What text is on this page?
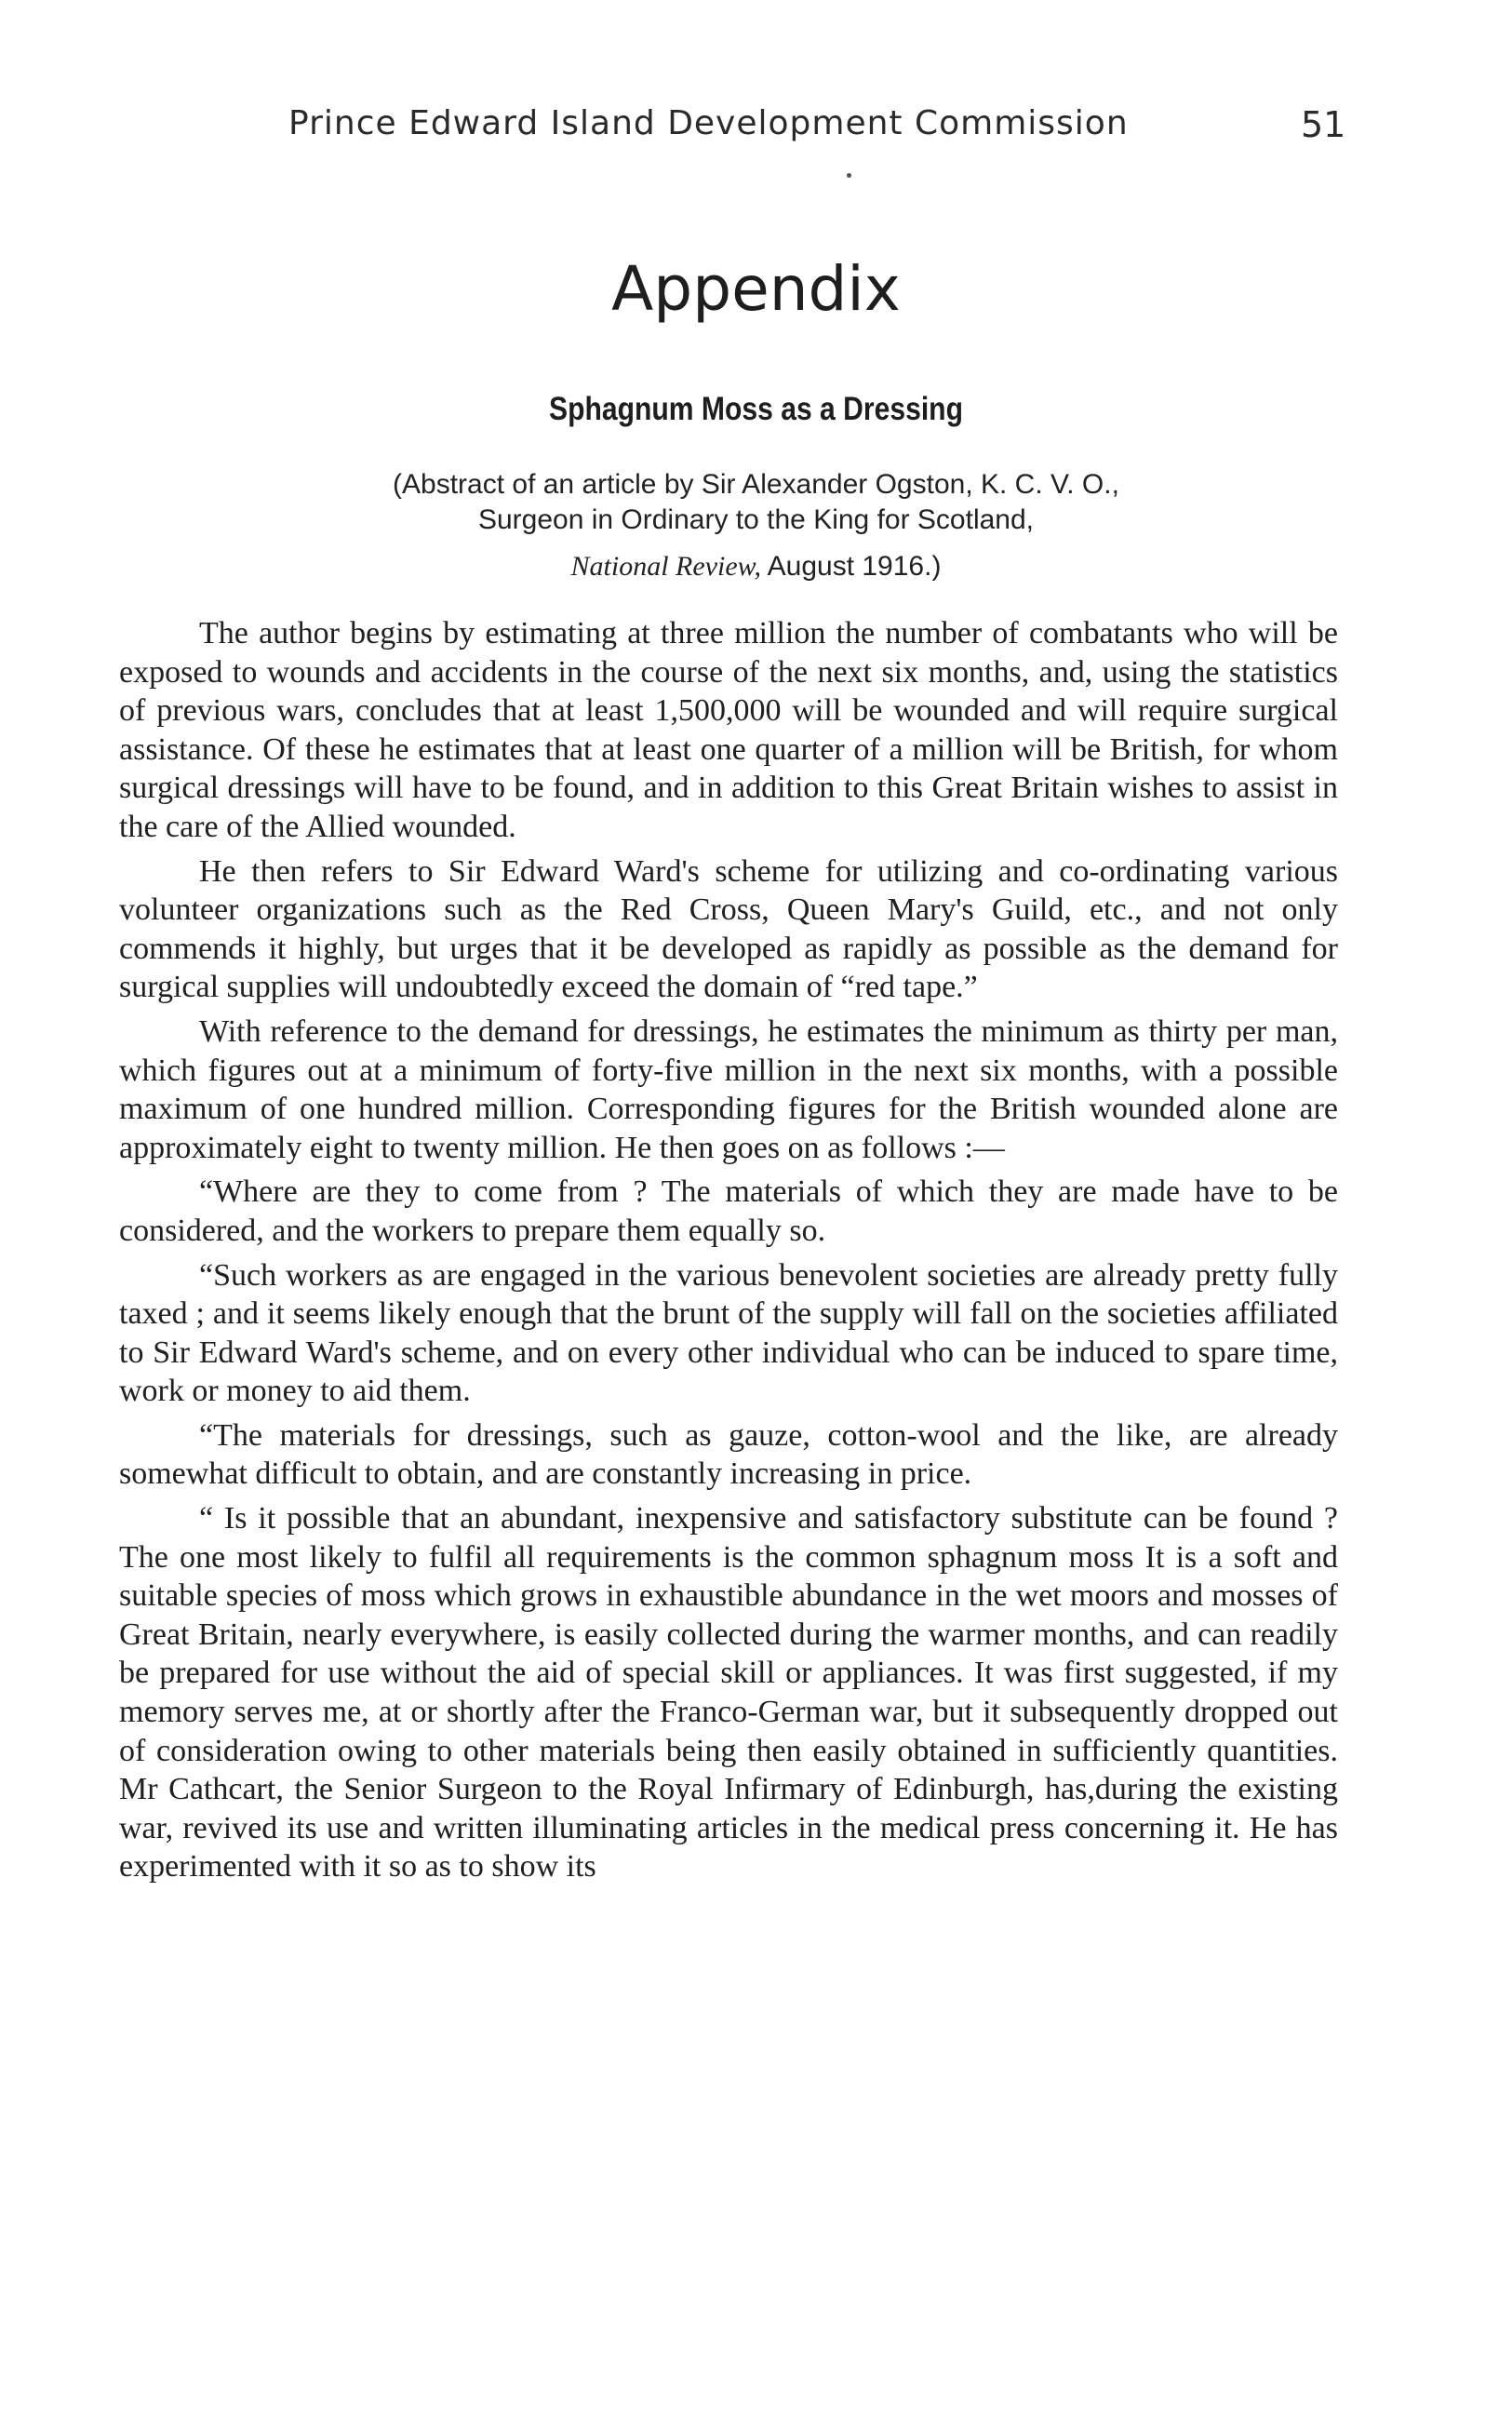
Prince Edward Island Development Commission	51
Appendix
Sphagnum Moss as a Dressing
(Abstract of an article by Sir Alexander Ogston, K. C. V. O.,
Surgeon in Ordinary to the King for Scotland,
National Review, August 1916.)

The author begins by estimating at three million the number of combatants who will be exposed to wounds and accidents in the course of the next six months, and, using the statistics of previous wars, concludes that at least 1,500,000 will be wounded and will require surgical assistance. Of these he estimates that at least one quarter of a million will be British, for whom surgical dressings will have to be found, and in addition to this Great Britain wishes to assist in the care of the Allied wounded.

He then refers to Sir Edward Ward's scheme for utilizing and co-ordinating various volunteer organizations such as the Red Cross, Queen Mary's Guild, etc., and not only commends it highly, but urges that it be developed as rapidly as possible as the demand for surgical supplies will undoubtedly exceed the domain of “red tape.”

With reference to the demand for dressings, he estimates the minimum as thirty per man, which figures out at a minimum of forty-five million in the next six months, with a possible maximum of one hundred million. Corresponding figures for the British wounded alone are approximately eight to twenty million. He then goes on as follows :—

“Where are they to come from ? The materials of which they are made have to be considered, and the workers to prepare them equally so.

“Such workers as are engaged in the various benevolent societies are already pretty fully taxed ; and it seems likely enough that the brunt of the supply will fall on the societies affiliated to Sir Edward Ward's scheme, and on every other individual who can be induced to spare time, work or money to aid them.

“The materials for dressings, such as gauze, cotton-wool and the like, are already somewhat difficult to obtain, and are constantly increasing in price.

“ Is it possible that an abundant, inexpensive and satisfactory substitute can be found ? The one most likely to fulfil all requirements is the common sphagnum moss It is a soft and suitable species of moss which grows in exhaustible abundance in the wet moors and mosses of Great Britain, nearly everywhere, is easily collected during the warmer months, and can readily be prepared for use without the aid of special skill or appliances. It was first suggested, if my memory serves me, at or shortly after the Franco-German war, but it subsequently dropped out of consideration owing to other materials being then easily obtained in sufficiently quantities. Mr Cathcart, the Senior Surgeon to the Royal Infirmary of Edinburgh, has,during the existing war, revived its use and written illuminating articles in the medical press concerning it. He has experimented with it so as to show its
